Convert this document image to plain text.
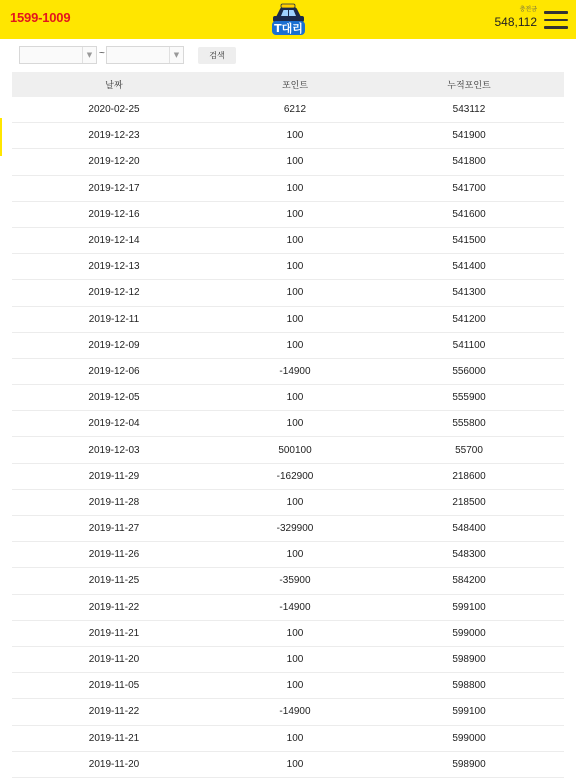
1599-1009
T대리
충전금
548,112
▼ ~	▼	검색
날짜	포인트	누적포인트
2020-02-25	6212	543112
2019-12-23	100	541900
2019-12-20	100	541800
2019-12-17	100	541700
2019-12-16	100	541600
2019-12-14	100	541500
2019-12-13	100	541400
2019-12-12	100	541300
2019-12-11	100	541200
2019-12-09	100	541100
2019-12-06	-14900	556000
2019-12-05	100	555900
2019-12-04	100	555800
2019-12-03	500100	55700
2019-11-29	-162900	218600
2019-11-28	100	218500
2019-11-27	-329900	548400
2019-11-26	100	548300
2019-11-25	-35900	584200
2019-11-22	-14900	599100
2019-11-21	100	599000
2019-11-20	100	598900
2019-11-05	100	598800
2019-11-22	-14900	599100
2019-11-21	100	599000
2019-11-20	100	598900
